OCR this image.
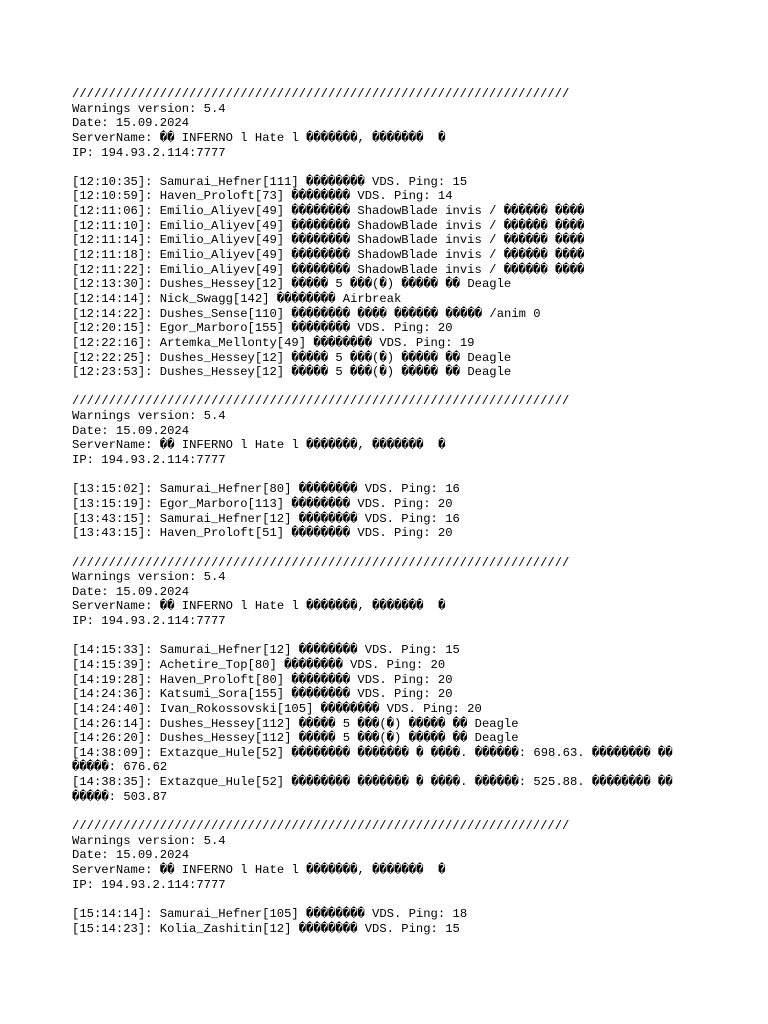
////////////////////////////////////////////////////////////////////
Warnings version: 5.4
Date: 15.09.2024
ServerName: �� INFERNO l Hate l �������, �������  �
IP: 194.93.2.114:7777
[12:10:35]: Samurai_Hefner[111] �������� VDS. Ping: 15
[12:10:59]: Haven_Proloft[73] �������� VDS. Ping: 14
[12:11:06]: Emilio_Aliyev[49] �������� ShadowBlade invis / ������ ����
[12:11:10]: Emilio_Aliyev[49] �������� ShadowBlade invis / ������ ����
[12:11:14]: Emilio_Aliyev[49] �������� ShadowBlade invis / ������ ����
[12:11:18]: Emilio_Aliyev[49] �������� ShadowBlade invis / ������ ����
[12:11:22]: Emilio_Aliyev[49] �������� ShadowBlade invis / ������ ����
[12:13:30]: Dushes_Hessey[12] ����� 5 ���(�) ����� �� Deagle
[12:14:14]: Nick_Swagg[142] �������� Airbreak
[12:14:22]: Dushes_Sense[110] �������� ���� ������ ����� /anim 0
[12:20:15]: Egor_Marboro[155] �������� VDS. Ping: 20
[12:22:16]: Artemka_Mellonty[49] �������� VDS. Ping: 19
[12:22:25]: Dushes_Hessey[12] ����� 5 ���(�) ����� �� Deagle
[12:23:53]: Dushes_Hessey[12] ����� 5 ���(�) ����� �� Deagle
////////////////////////////////////////////////////////////////////
Warnings version: 5.4
Date: 15.09.2024
ServerName: �� INFERNO l Hate l �������, �������  �
IP: 194.93.2.114:7777
[13:15:02]: Samurai_Hefner[80] �������� VDS. Ping: 16
[13:15:19]: Egor_Marboro[113] �������� VDS. Ping: 20
[13:43:15]: Samurai_Hefner[12] �������� VDS. Ping: 16
[13:43:15]: Haven_Proloft[51] �������� VDS. Ping: 20
////////////////////////////////////////////////////////////////////
Warnings version: 5.4
Date: 15.09.2024
ServerName: �� INFERNO l Hate l �������, �������  �
IP: 194.93.2.114:7777
[14:15:33]: Samurai_Hefner[12] �������� VDS. Ping: 15
[14:15:39]: Achetire_Top[80] �������� VDS. Ping: 20
[14:19:28]: Haven_Proloft[80] �������� VDS. Ping: 20
[14:24:36]: Katsumi_Sora[155] �������� VDS. Ping: 20
[14:24:40]: Ivan_Rokossovski[105] �������� VDS. Ping: 20
[14:26:14]: Dushes_Hessey[112] ����� 5 ���(�) ����� �� Deagle
[14:26:20]: Dushes_Hessey[112] ����� 5 ���(�) ����� �� Deagle
[14:38:09]: Extazque_Hule[52] �������� ������� � ����. ������: 698.63. �������� ��
�����: 676.62
[14:38:35]: Extazque_Hule[52] �������� ������� � ����. ������: 525.88. �������� ��
�����: 503.87
////////////////////////////////////////////////////////////////////
Warnings version: 5.4
Date: 15.09.2024
ServerName: �� INFERNO l Hate l �������, �������  �
IP: 194.93.2.114:7777
[15:14:14]: Samurai_Hefner[105] �������� VDS. Ping: 18
[15:14:23]: Kolia_Zashitin[12] �������� VDS. Ping: 15
